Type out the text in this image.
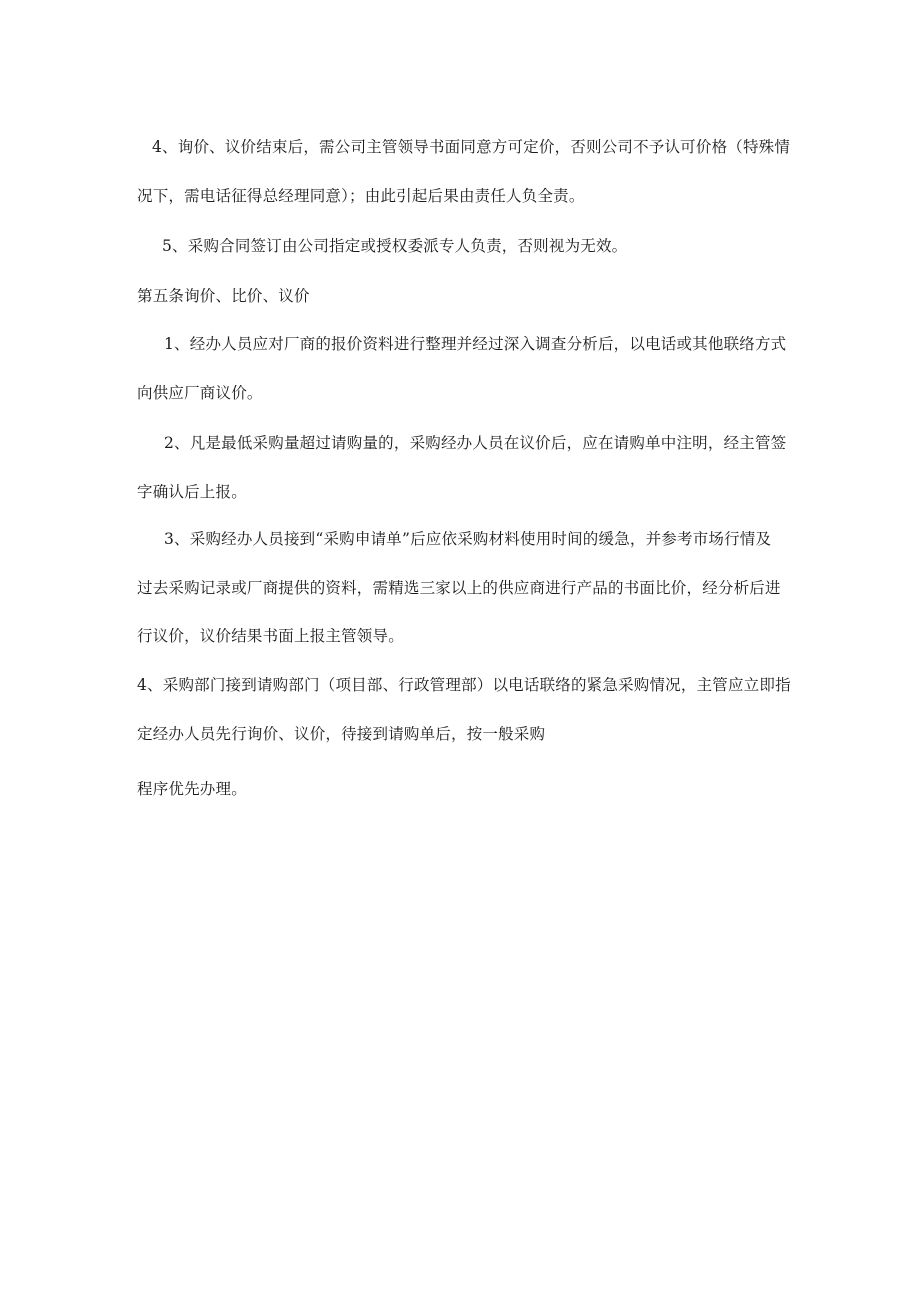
4、询价、议价结束后，需公司主管领导书面同意方可定价，否则公司不予认可价格（特殊情
况下，需电话征得总经理同意）；由此引起后果由责任人负全责。
5、采购合同签订由公司指定或授权委派专人负责，否则视为无效。
第五条询价、比价、议价
1、经办人员应对厂商的报价资料进行整理并经过深入调查分析后，以电话或其他联络方式
向供应厂商议价。
2、凡是最低采购量超过请购量的，采购经办人员在议价后，应在请购单中注明，经主管签
字确认后上报。
3、采购经办人员接到“采购申请单”后应依采购材料使用时间的缓急，并参考市场行情及
过去采购记录或厂商提供的资料，需精选三家以上的供应商进行产品的书面比价，经分析后进
行议价，议价结果书面上报主管领导。
4、采购部门接到请购部门（项目部、行政管理部）以电话联络的紧急采购情况，主管应立即指
定经办人员先行询价、议价，待接到请购单后，按一般采购
程序优先办理。
